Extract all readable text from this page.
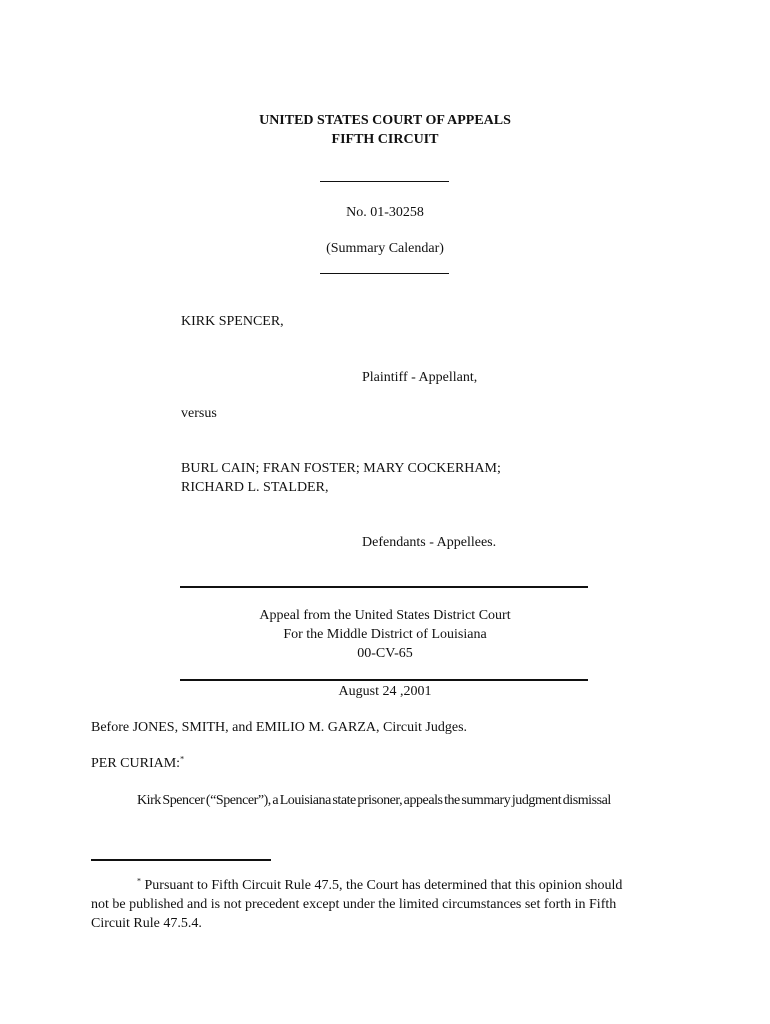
UNITED STATES COURT OF APPEALS
FIFTH CIRCUIT
No. 01-30258
(Summary Calendar)
KIRK SPENCER,
Plaintiff - Appellant,
versus
BURL CAIN; FRAN FOSTER; MARY COCKERHAM;
RICHARD L. STALDER,
Defendants - Appellees.
Appeal from the United States District Court
For the Middle District of Louisiana
00-CV-65
August 24 ,2001
Before JONES, SMITH, and EMILIO M. GARZA, Circuit Judges.
PER CURIAM:*
Kirk Spencer (“Spencer”), a Louisiana state prisoner, appeals the summary judgment dismissal
* Pursuant to Fifth Circuit Rule 47.5, the Court has determined that this opinion should
not be published and is not precedent except under the limited circumstances set forth in Fifth
Circuit Rule 47.5.4.
